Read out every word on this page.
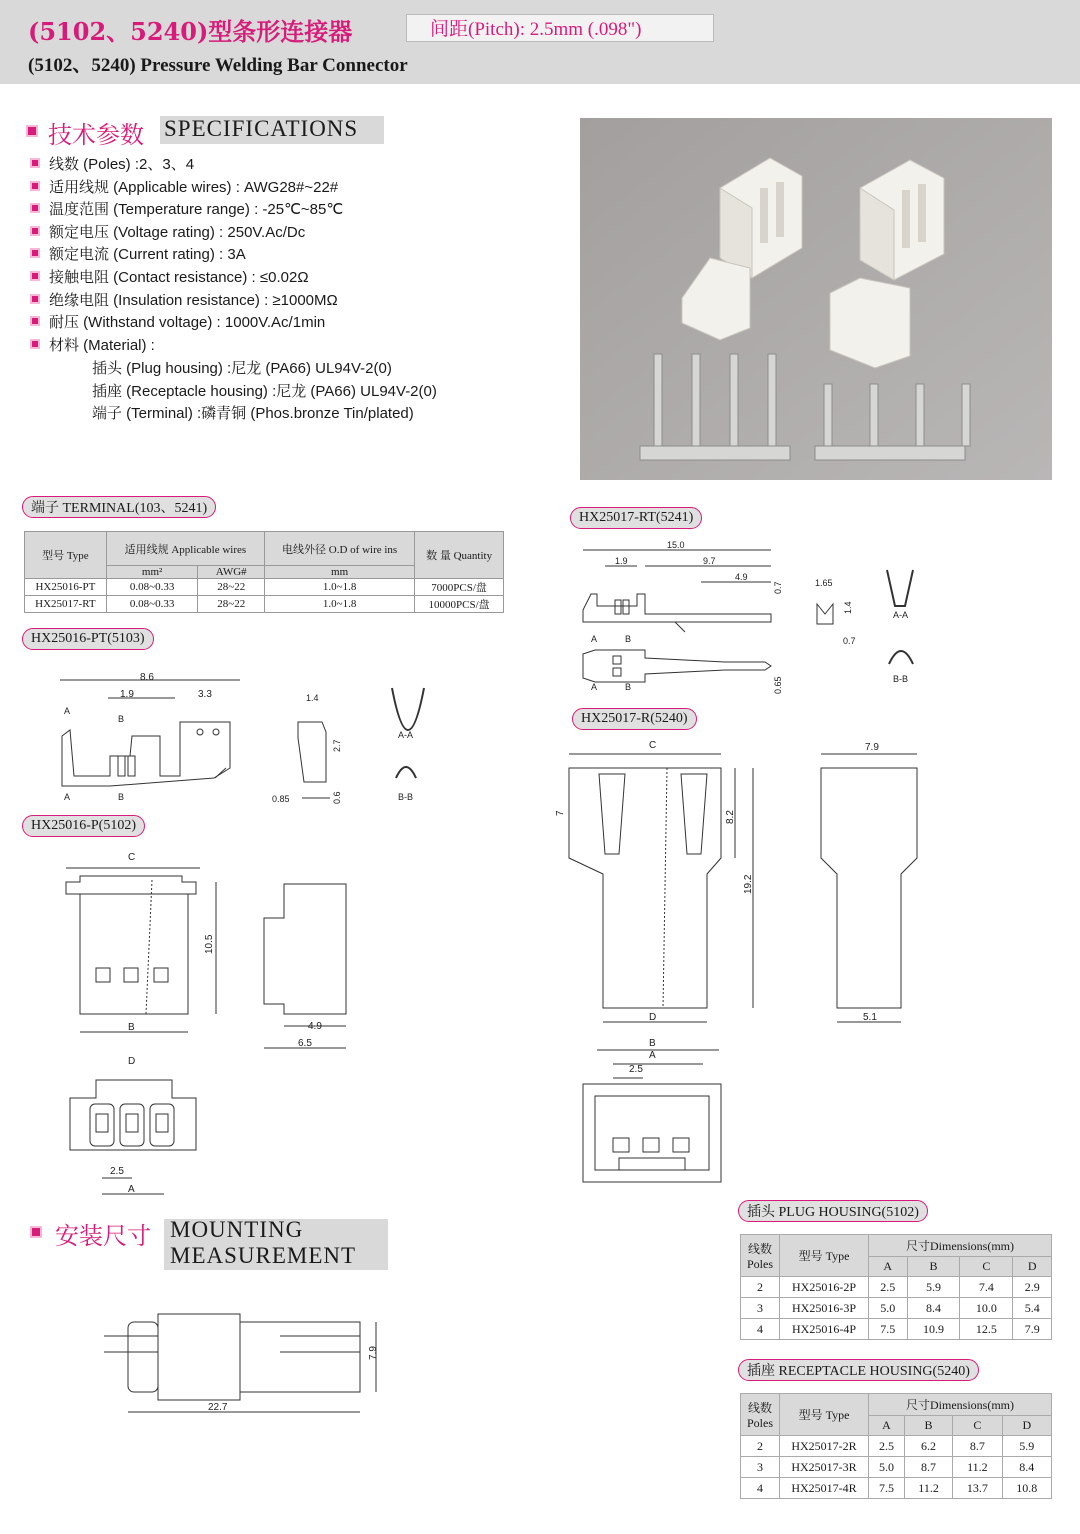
(5102、5240)型条形连接器
(5102、5240) Pressure Welding Bar Connector
间距(Pitch): 2.5mm (.098")
技术参数 SPECIFICATIONS
线数 (Poles) :2、3、4
适用线规 (Applicable wires) : AWG28#~22#
温度范围 (Temperature range) : -25℃~85℃
额定电压 (Voltage rating) : 250V.Ac/Dc
额定电流 (Current rating) : 3A
接触电阻 (Contact resistance) : ≤0.02Ω
绝缘电阻 (Insulation resistance) : ≥1000MΩ
耐压 (Withstand voltage) : 1000V.Ac/1min
材料 (Material) :
插头 (Plug housing) :尼龙 (PA66) UL94V-2(0)
插座 (Receptacle housing) :尼龙 (PA66) UL94V-2(0)
端子 (Terminal) :磷青铜 (Phos.bronze Tin/plated)
端子 TERMINAL(103、5241)
型号 Type	适用线规 Applicable wires		电线外径 O.D of wire ins	数 量 Quantity
	mm²	AWG#	mm	
HX25016-PT	0.08~0.33	28~22	1.0~1.8	7000PCS/盘
HX25017-RT	0.08~0.33	28~22	1.0~1.8	10000PCS/盘
HX25016-PT(5103)
8.6
1.9	3.3
A
B
A	B
1.4
0.85
2.7
0.6
A-A
B-B
HX25016-P(5102)
C
B
10.5
4.9
6.5
D
2.5
A
安装尺寸 MOUNTING
MEASUREMENT
7.9
22.7
HX25017-RT(5241)
15.0
1.9	9.7
4.9
0.7	1.65
1.4
0.7
A-A
B-B
A	B
A	B	0.65
HX25017-R(5240)
C
7	8.2
19.2
D
7.9
5.1
B
A
2.5
插头 PLUG HOUSING(5102)
线数 Poles	型号 Type	尺寸Dimensions(mm)			
		A	B	C	D
2	HX25016-2P	2.5	5.9	7.4	2.9
3	HX25016-3P	5.0	8.4	10.0	5.4
4	HX25016-4P	7.5	10.9	12.5	7.9
插座 RECEPTACLE HOUSING(5240)
线数 Poles	型号 Type	尺寸Dimensions(mm)			
		A	B	C	D
2	HX25017-2R	2.5	6.2	8.7	5.9
3	HX25017-3R	5.0	8.7	11.2	8.4
4	HX25017-4R	7.5	11.2	13.7	10.8
